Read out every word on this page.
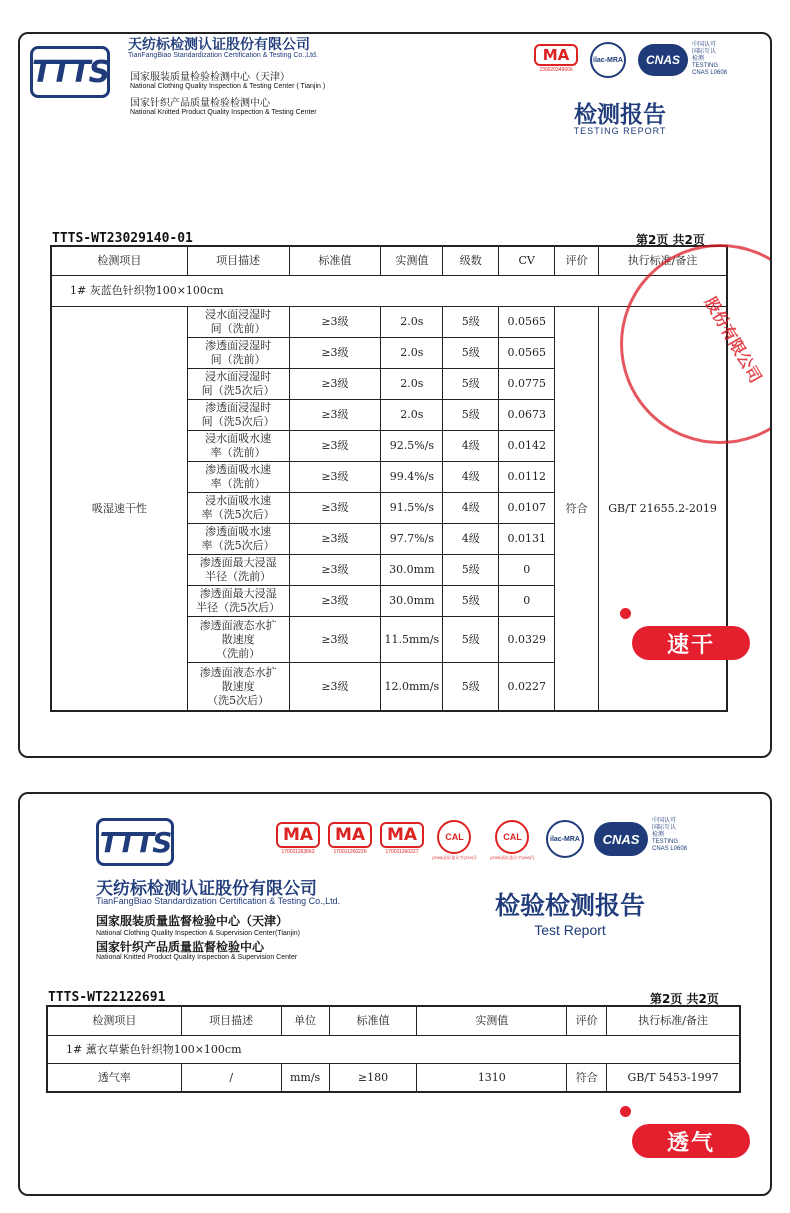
TTTS
天纺标检测认证股份有限公司
TianFangBiao Standardization Certification & Testing Co.,Ltd.
国家服装质量检验检测中心（天津）
National Clothing Quality Inspection & Testing Center ( Tianjin )
国家针织产品质量检验检测中心
National Knitted Product Quality Inspection & Testing Center
MA
230020349666
ilac-MRA	CNAS
中国认可
国际互认
检测
TESTING
CNAS L0608
检测报告
TESTING REPORT
TTTS-WT23029140-01	第2页 共2页
检测项目	项目描述	标准值	实测值	级数	CV	评价	执行标准/备注
1# 灰蓝色针织物100×100cm							
吸湿速干性	浸水面浸湿时
间（洗前）	≥3级	2.0s	5级	0.0565	符合	GB/T 21655.2-2019

	渗透面浸湿时
间（洗前）	≥3级	2.0s	5级	0.0565		

	浸水面浸湿时
间（洗5次后）	≥3级	2.0s	5级	0.0775		

	渗透面浸湿时
间（洗5次后）	≥3级	2.0s	5级	0.0673		

	浸水面吸水速
率（洗前）	≥3级	92.5%/s	4级	0.0142		

	渗透面吸水速
率（洗前）	≥3级	99.4%/s	4级	0.0112		

	浸水面吸水速
率（洗5次后）	≥3级	91.5%/s	4级	0.0107		

	渗透面吸水速
率（洗5次后）	≥3级	97.7%/s	4级	0.0131		

	渗透面最大浸湿
半径（洗前）	≥3级	30.0mm	5级	0		

	渗透面最大浸湿
半径（洗5次后）	≥3级	30.0mm	5级	0		

	渗透面液态水扩
散速度
（洗前）	≥3级	11.5mm/s	5级	0.0329		

	渗透面液态水扩
散速度
（洗5次后）	≥3级	12.0mm/s	5级	0.0227		
股份有限公司
速干
TTTS	MA
170011263663
MA
170011260226
MA
170011260227
CAL
(2008)国认监认字(219)号
CAL
(2008)国认监认字(098)号
ilac-MRA	CNAS
中国认可
国际互认
检测
TESTING
CNAS L0608
天纺标检测认证股份有限公司
TianFangBiao Standardization Certification & Testing Co.,Ltd.
国家服装质量监督检验中心（天津）
National Clothing Quality Inspection & Supervision Center(Tianjin)
国家针织产品质量监督检验中心
National Knitted Product Quality Inspection & Supervision Center
检验检测报告
Test Report
TTTS-WT22122691	第2页 共2页
检测项目	项目描述	单位	标准值	实测值	评价	执行标准/备注
1# 薰衣草紫色针织物100×100cm						
透气率	/	mm/s	≥180	1310	符合	GB/T 5453-1997
透气
